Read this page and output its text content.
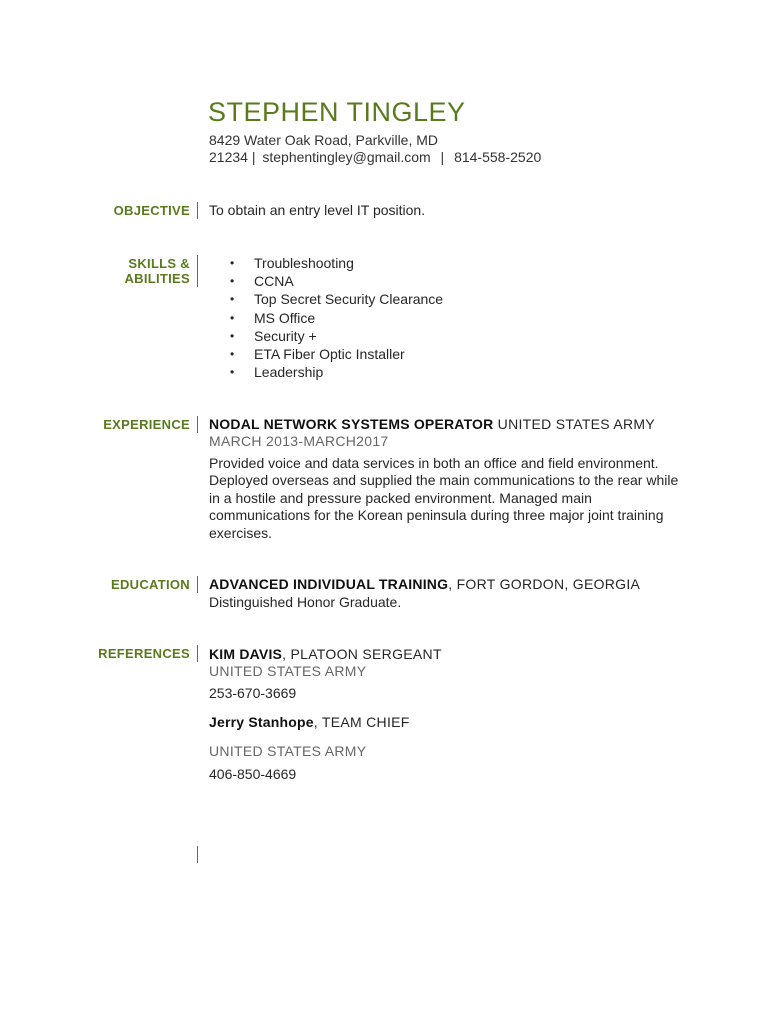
STEPHEN TINGLEY
8429 Water Oak Road, Parkville, MD
21234 | stephentingley@gmail.com | 814-558-2520
OBJECTIVE To obtain an entry level IT position.
SKILLS &
ABILITIES
• Troubleshooting
• CCNA
• Top Secret Security Clearance
• MS Office
• Security +
• ETA Fiber Optic Installer
• Leadership
EXPERIENCE NODAL NETWORK SYSTEMS OPERATOR UNITED STATES ARMY
MARCH 2013-MARCH2017
Provided voice and data services in both an office and field environment. Deployed overseas and supplied the main communications to the rear while in a hostile and pressure packed environment. Managed main communications for the Korean peninsula during three major joint training exercises.
EDUCATION ADVANCED INDIVIDUAL TRAINING, FORT GORDON, GEORGIA
Distinguished Honor Graduate.
REFERENCES KIM DAVIS, PLATOON SERGEANT
UNITED STATES ARMY
253-670-3669
Jerry Stanhope, TEAM CHIEF
UNITED STATES ARMY
406-850-4669
